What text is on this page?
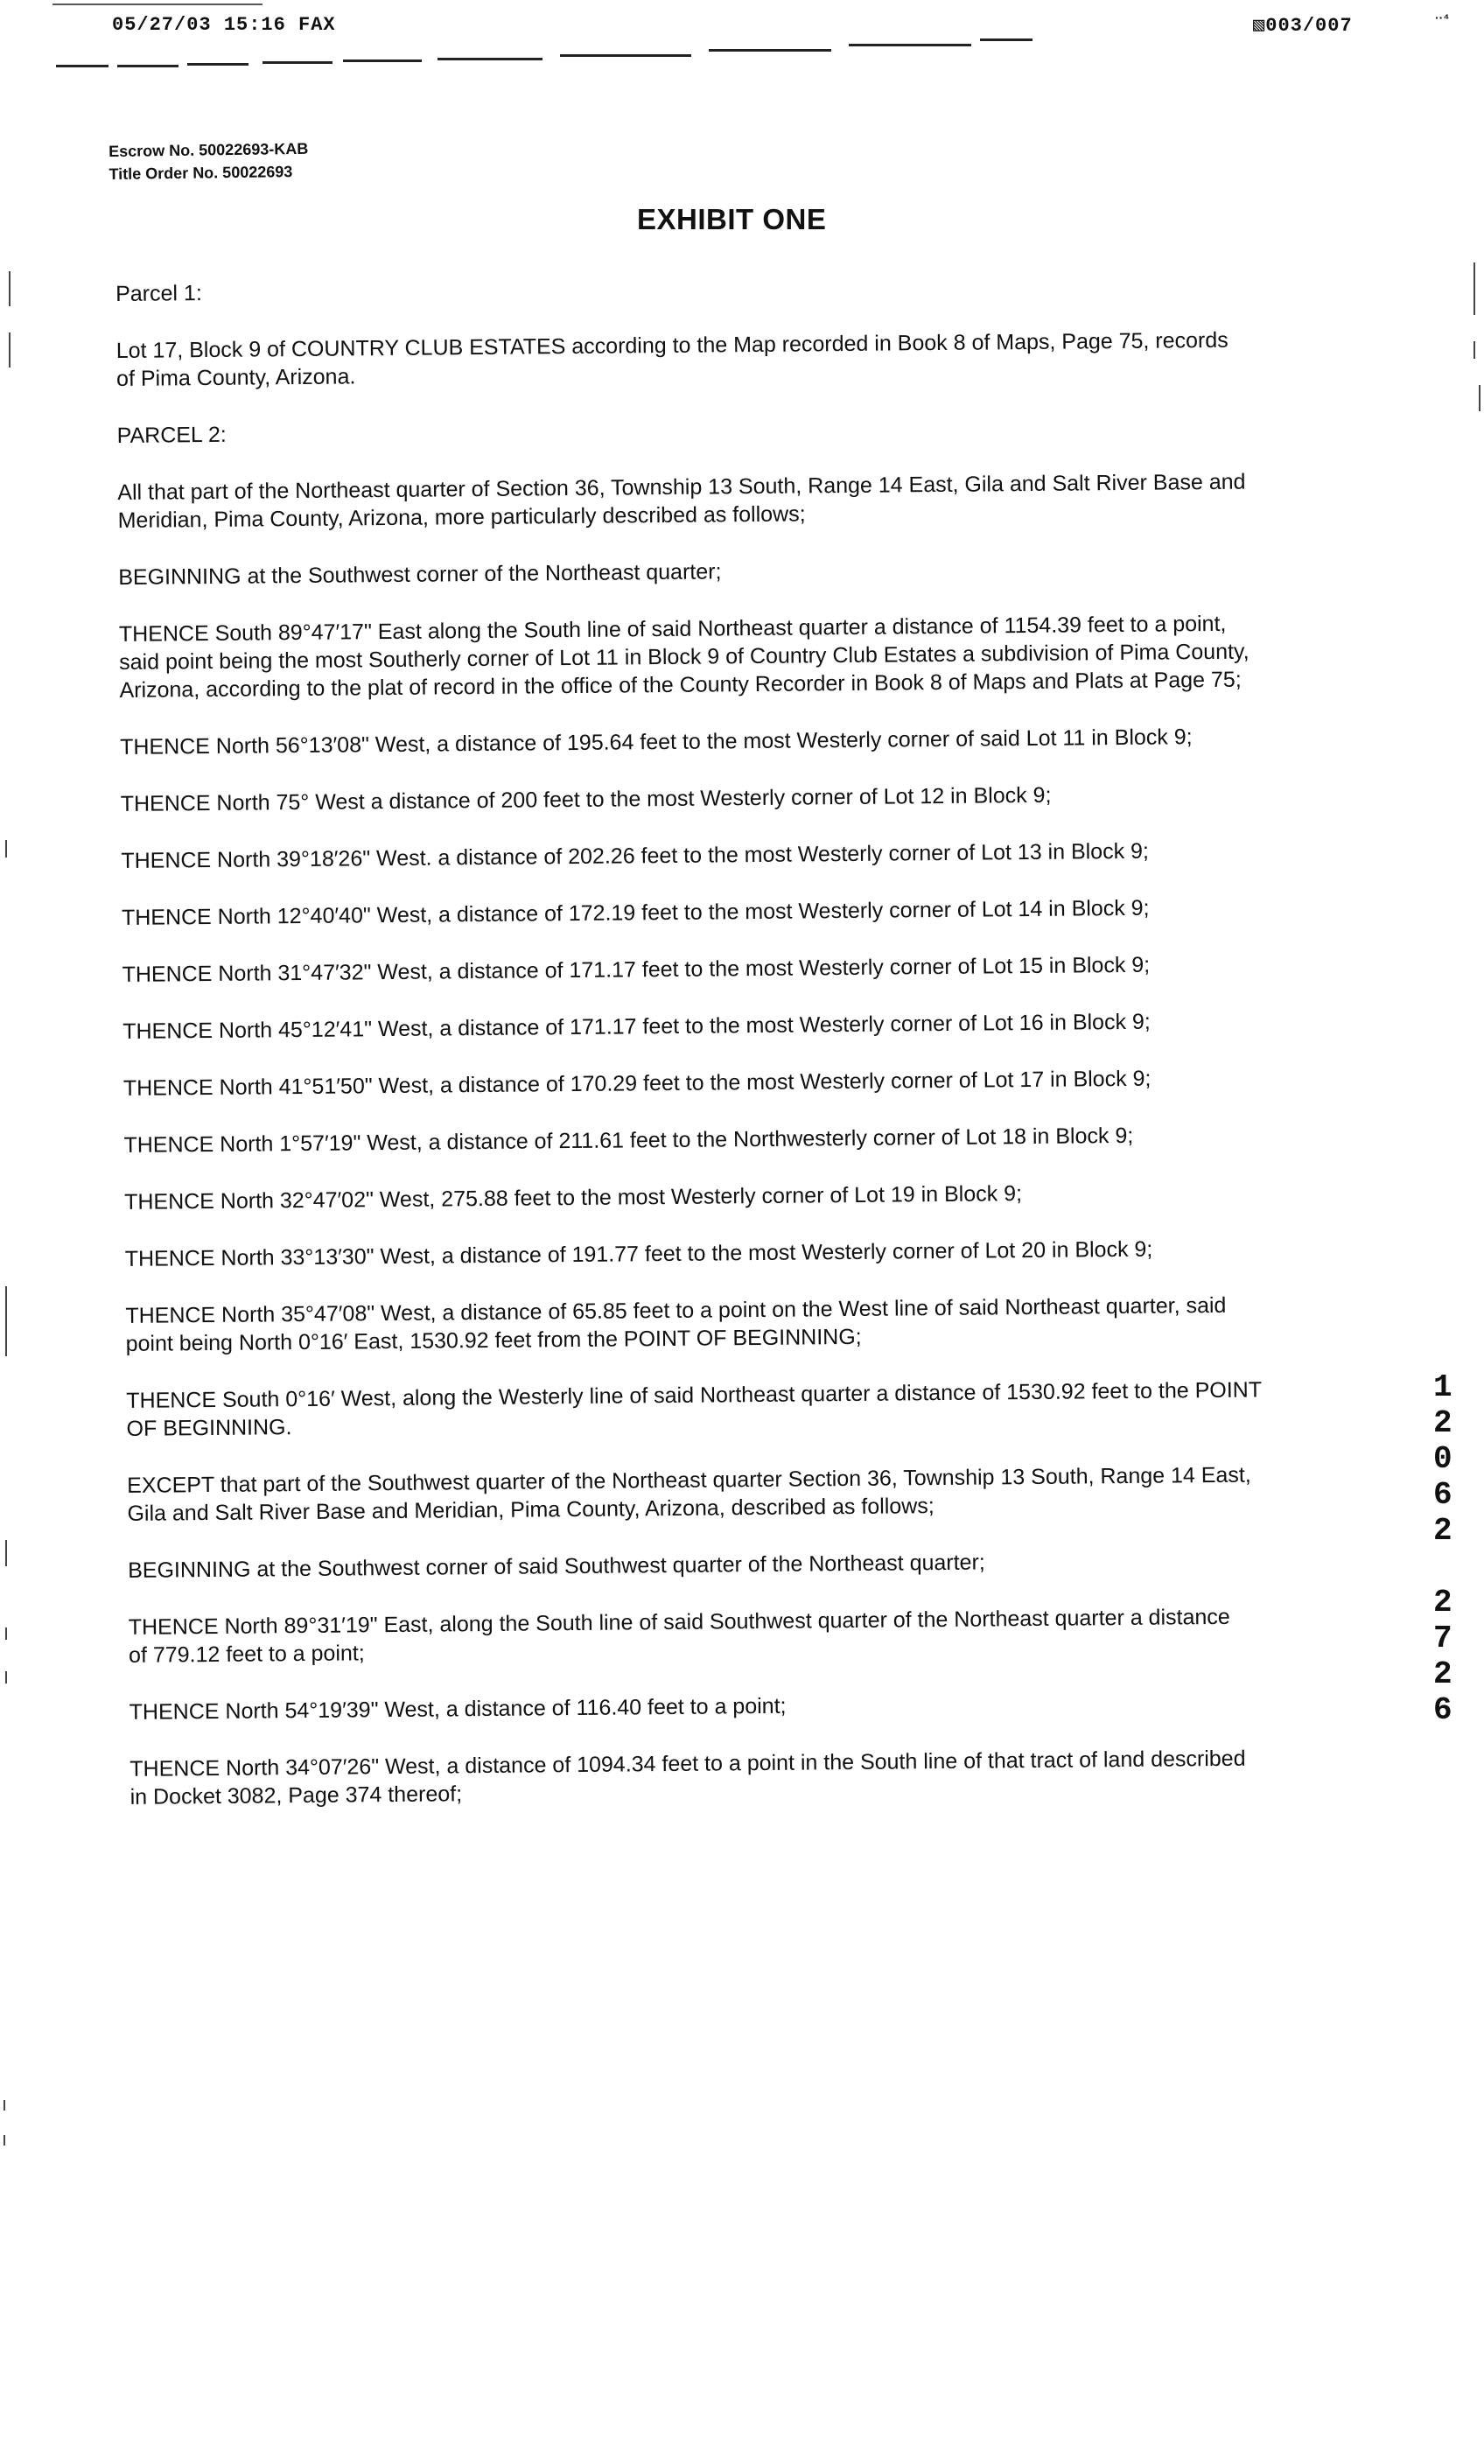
05/27/03 15:16 FAX	▧003/007	··⁴
Escrow No. 50022693-KAB
Title Order No. 50022693
EXHIBIT ONE
Parcel 1:
Lot 17, Block 9 of COUNTRY CLUB ESTATES according to the Map recorded in Book 8 of Maps, Page 75, records
of Pima County, Arizona.
PARCEL 2:
All that part of the Northeast quarter of Section 36, Township 13 South, Range 14 East, Gila and Salt River Base and
Meridian, Pima County, Arizona, more particularly described as follows;
BEGINNING at the Southwest corner of the Northeast quarter;
THENCE South 89°47′17" East along the South line of said Northeast quarter a distance of 1154.39 feet to a point,
said point being the most Southerly corner of Lot 11 in Block 9 of Country Club Estates a subdivision of Pima County,
Arizona, according to the plat of record in the office of the County Recorder in Book 8 of Maps and Plats at Page 75;
THENCE North 56°13′08" West, a distance of 195.64 feet to the most Westerly corner of said Lot 11 in Block 9;
THENCE North 75° West a distance of 200 feet to the most Westerly corner of Lot 12 in Block 9;
THENCE North 39°18′26" West. a distance of 202.26 feet to the most Westerly corner of Lot 13 in Block 9;
THENCE North 12°40′40" West, a distance of 172.19 feet to the most Westerly corner of Lot 14 in Block 9;
THENCE North 31°47′32" West, a distance of 171.17 feet to the most Westerly corner of Lot 15 in Block 9;
THENCE North 45°12′41" West, a distance of 171.17 feet to the most Westerly corner of Lot 16 in Block 9;
THENCE North 41°51′50" West, a distance of 170.29 feet to the most Westerly corner of Lot 17 in Block 9;
THENCE North 1°57′19" West, a distance of 211.61 feet to the Northwesterly corner of Lot 18 in Block 9;
THENCE North 32°47′02" West, 275.88 feet to the most Westerly corner of Lot 19 in Block 9;
THENCE North 33°13′30" West, a distance of 191.77 feet to the most Westerly corner of Lot 20 in Block 9;
THENCE North 35°47′08" West, a distance of 65.85 feet to a point on the West line of said Northeast quarter, said
point being North 0°16′ East, 1530.92 feet from the POINT OF BEGINNING;
THENCE South 0°16′ West, along the Westerly line of said Northeast quarter a distance of 1530.92 feet to the POINT
OF BEGINNING.
EXCEPT that part of the Southwest quarter of the Northeast quarter Section 36, Township 13 South, Range 14 East,
Gila and Salt River Base and Meridian, Pima County, Arizona, described as follows;
BEGINNING at the Southwest corner of said Southwest quarter of the Northeast quarter;
THENCE North 89°31′19" East, along the South line of said Southwest quarter of the Northeast quarter a distance
of 779.12 feet to a point;
THENCE North 54°19′39" West, a distance of 116.40 feet to a point;
THENCE North 34°07′26" West, a distance of 1094.34 feet to a point in the South line of that tract of land described
in Docket 3082, Page 374 thereof;
1
2
0
6
2
2
7
2
6
